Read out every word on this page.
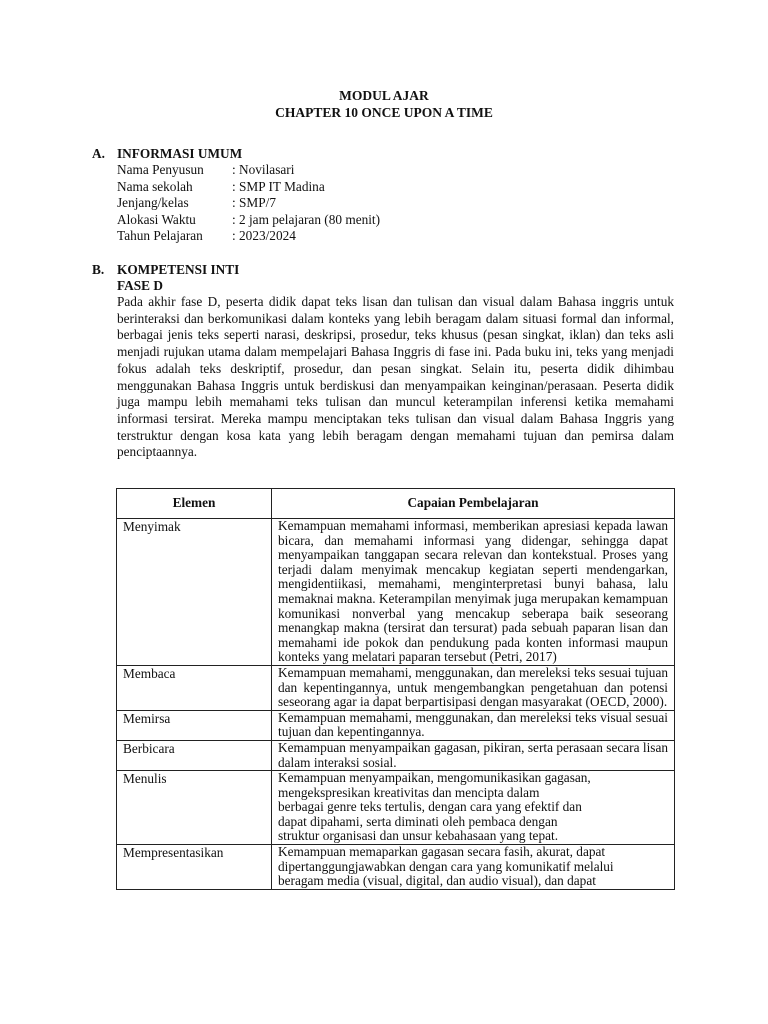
MODUL AJAR
CHAPTER 10 ONCE UPON A TIME
A. INFORMASI UMUM
Nama Penyusun : Novilasari
Nama sekolah	: SMP IT Madina
Jenjang/kelas	: SMP/7
Alokasi Waktu	: 2 jam pelajaran (80 menit)
Tahun Pelajaran : 2023/2024
B. KOMPETENSI INTI
FASE D
Pada akhir fase D, peserta didik dapat teks lisan dan tulisan dan visual dalam Bahasa inggris untuk berinteraksi dan berkomunikasi dalam konteks yang lebih beragam dalam situasi formal dan informal, berbagai jenis teks seperti narasi, deskripsi, prosedur, teks khusus (pesan singkat, iklan) dan teks asli menjadi rujukan utama dalam mempelajari Bahasa Inggris di fase ini. Pada buku ini, teks yang menjadi fokus adalah teks deskriptif, prosedur, dan pesan singkat. Selain itu, peserta didik dihimbau menggunakan Bahasa Inggris untuk berdiskusi dan menyampaikan keinginan/perasaan. Peserta didik juga mampu lebih memahami teks tulisan dan muncul keterampilan inferensi ketika memahami informasi tersirat. Mereka mampu menciptakan teks tulisan dan visual dalam Bahasa Inggris yang terstruktur dengan kosa kata yang lebih beragam dengan memahami tujuan dan pemirsa dalam penciptaannya.
Elemen	Capaian Pembelajaran
Menyimak	Kemampuan memahami informasi, memberikan apresiasi kepada lawan bicara, dan memahami informasi yang didengar, sehingga dapat menyampaikan tanggapan secara relevan dan kontekstual. Proses yang terjadi dalam menyimak mencakup kegiatan seperti mendengarkan, mengidentiikasi, memahami, menginterpretasi bunyi bahasa, lalu memaknai makna. Keterampilan menyimak juga merupakan kemampuan komunikasi nonverbal yang mencakup seberapa baik seseorang menangkap makna (tersirat dan tersurat) pada sebuah paparan lisan dan memahami ide pokok dan pendukung pada konten informasi maupun konteks yang melatari paparan tersebut (Petri, 2017)
Membaca	Kemampuan memahami, menggunakan, dan mereleksi teks sesuai tujuan dan kepentingannya, untuk mengembangkan pengetahuan dan potensi seseorang agar ia dapat berpartisipasi dengan masyarakat (OECD, 2000).
Memirsa	Kemampuan memahami, menggunakan, dan mereleksi teks visual sesuai tujuan dan kepentingannya.
Berbicara	Kemampuan menyampaikan gagasan, pikiran, serta perasaan secara lisan dalam interaksi sosial.
Menulis	Kemampuan menyampaikan, mengomunikasikan gagasan,
mengekspresikan kreativitas dan mencipta dalam
berbagai genre teks tertulis, dengan cara yang efektif dan
dapat dipahami, serta diminati oleh pembaca dengan
struktur organisasi dan unsur kebahasaan yang tepat.

Mempresentasikan	Kemampuan memaparkan gagasan secara fasih, akurat, dapat
dipertanggungjawabkan dengan cara yang komunikatif melalui
beragam media (visual, digital, dan audio visual), dan dapat
